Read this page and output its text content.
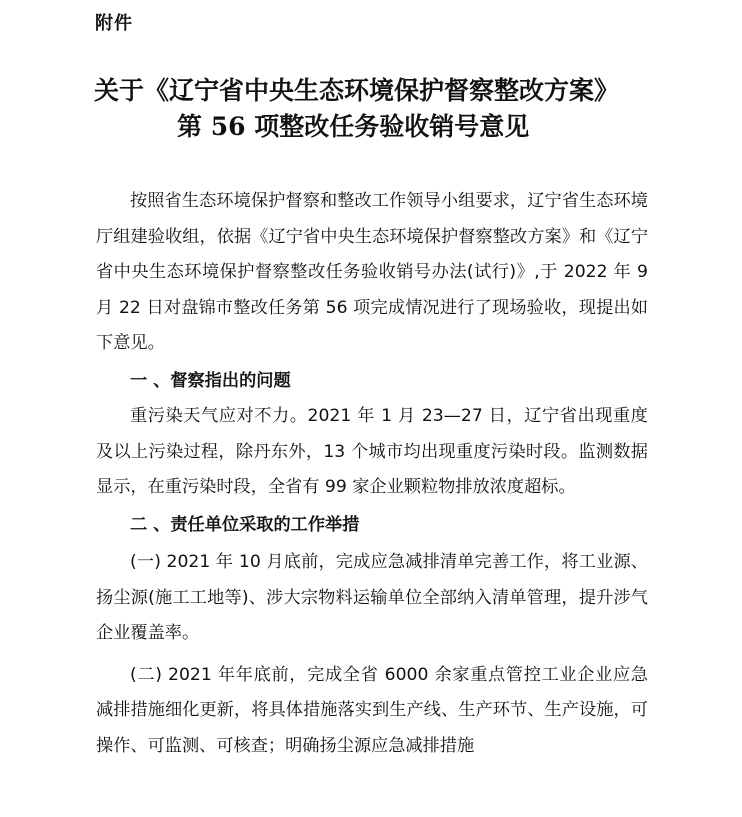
附件
关于《辽宁省中央生态环境保护督察整改方案》
第 56 项整改任务验收销号意见

按照省生态环境保护督察和整改工作领导小组要求，辽宁省生态环境厅组建验收组，依据《辽宁省中央生态环境保护督察整改方案》和《辽宁省中央生态环境保护督察整改任务验收销号办法(试行)》,于 2022 年 9 月 22 日对盘锦市整改任务第 56 项完成情况进行了现场验收，现提出如下意见。

一 、督察指出的问题

重污染天气应对不力。2021 年 1 月 23—27 日，辽宁省出现重度及以上污染过程，除丹东外，13 个城市均出现重度污染时段。监测数据显示，在重污染时段，全省有 99 家企业颗粒物排放浓度超标。

二 、责任单位采取的工作举措

(一) 2021 年 10 月底前，完成应急减排清单完善工作，将工业源、扬尘源(施工工地等)、涉大宗物料运输单位全部纳入清单管理，提升涉气企业覆盖率。

(二) 2021 年年底前，完成全省 6000 余家重点管控工业企业应急减排措施细化更新，将具体措施落实到生产线、生产环节、生产设施，可操作、可监测、可核查；明确扬尘源应急减排措施
